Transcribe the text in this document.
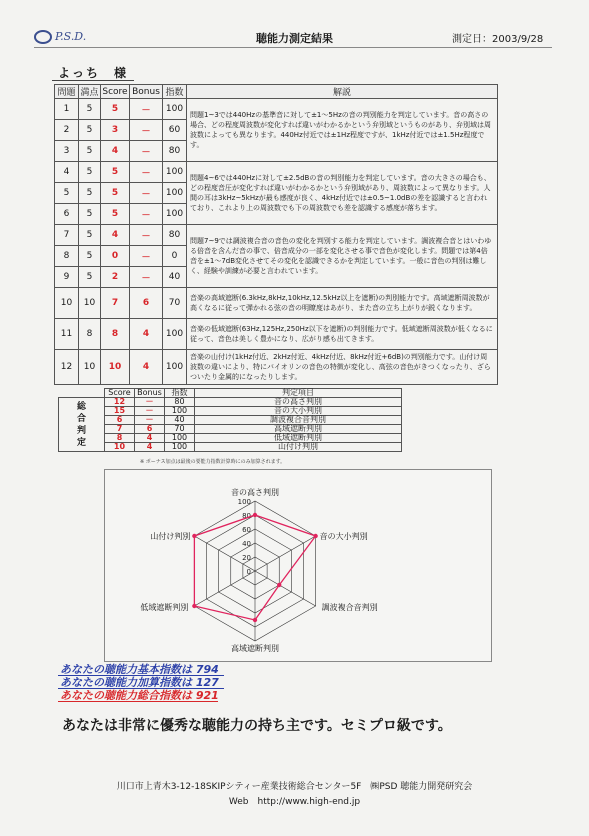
P.S.D.	聴能力測定結果	測定日：2003/9/28
よっち　様
問題	満点	Score	Bonus	指数	解説
1	5	5	－	100	問題1~3では440Hzの基準音に対して±1～5Hzの音の判別能力を判定しています。音の高さの場合、どの程度周波数が変化すれば違いがわかるかという弁別域というものがあり、弁別域は周波数によっても異なります。440Hz付近では±1Hz程度ですが、1kHz付近では±1.5Hz程度です。
2	5	3	－	60	
3	5	4	－	80	
4	5	5	－	100	問題4~6では440Hzに対して±2.5dBの音の判別能力を判定しています。音の大きさの場合も、どの程度音圧が変化すれば違いがわかるかという弁別域があり、周波数によって異なります。人間の耳は3kHz~5kHzが最も感度が良く、4kHz付近では±0.5~1.0dBの差を認識すると言われており、これより上の周波数でも下の周波数でも差を認識する感度が落ちます。
5	5	5	－	100	
6	5	5	－	100	
7	5	4	－	80	問題7~9では調波複合音の音色の変化を判別する能力を判定しています。調波複合音とはいわゆる倍音を含んだ音の事で、倍音成分の一部を変化させる事で音色が変化します。問題では第4倍音を±1～7dB変化させてその変化を認識できるかを判定しています。一般に音色の判別は難しく、経験や訓練が必要と言われています。
8	5	0	－	0	
9	5	2	－	40	
10	10	7	6	70	音楽の高域遮断(6.3kHz,8kHz,10kHz,12.5kHz以上を遮断)の判別能力です。高域遮断周波数が高くなるに従って弾かれる弦の音の明瞭度はあがり、また音の立ち上がりが鋭くなります。
11	8	8	4	100	音楽の低域遮断(63Hz,125Hz,250Hz以下を遮断)の判別能力です。低域遮断周波数が低くなるに従って、音色は美しく豊かになり、広がり感も出てきます。
12	10	10	4	100	音楽の山付け(1kHz付近、2kHz付近、4kHz付近、8kHz付近+6dB)の判別能力です。山付け周波数の違いにより、特にバイオリンの音色の特徴が変化し、高弦の音色がきつくなったり、ざらついたり金属的になったりします。
	Score	Bonus	指数	判定項目

総
合
判
定	12	－	80	音の高さ判別
	15	－	100	音の大小判別
	6	－	40	調波複合音判別
	7	6	70	高域遮断判別
	8	4	100	低域遮断判別
	10	4	100	山付け判別
※ ボーナス加点は最後の要能力指数計算時にのみ加算されます。
0
20
40
60
80
100
音の高さ判別
音の大小判別
調波複合音判別
高域遮断判別
低域遮断判別
山付け判別
あなたの聴能力基本指数は 794
あなたの聴能力加算指数は 127
あなたの聴能力総合指数は 921
あなたは非常に優秀な聴能力の持ち主です。セミプロ級です。
川口市上青木3-12-18SKIPシティー産業技術総合センター5F　㈱PSD 聴能力開発研究会
Web　http://www.high-end.jp
